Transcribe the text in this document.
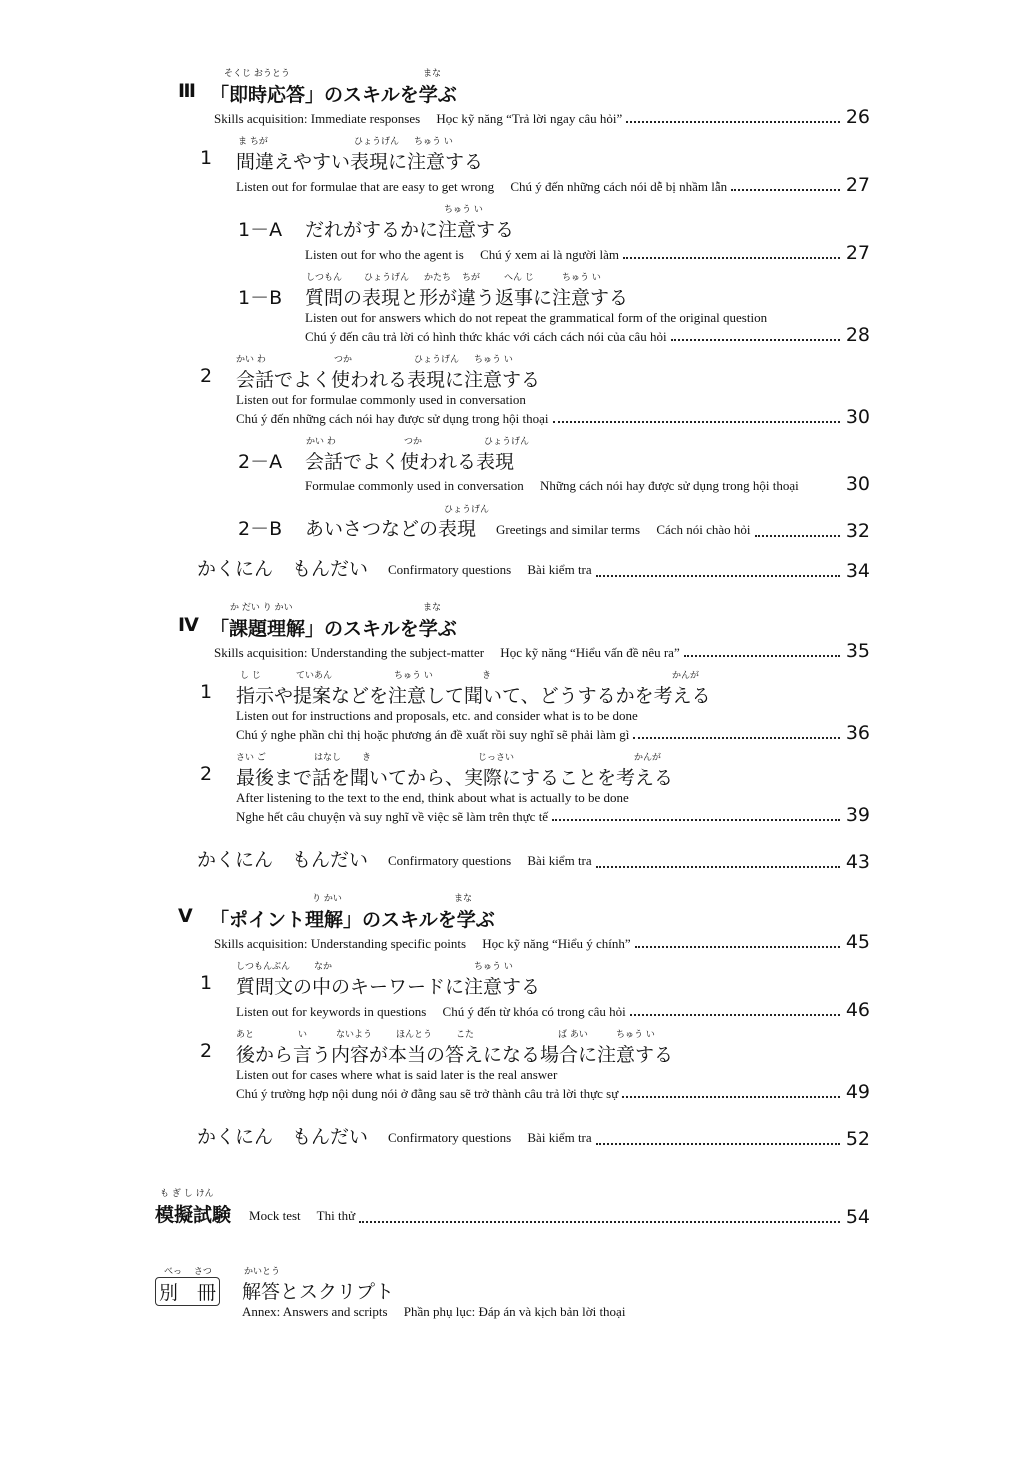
そくじ おうとう	まな
Ⅲ 「即時応答」のスキルを学ぶ
Skills acquisition: Immediate responses　 Học kỹ năng “Trả lời ngay câu hỏi”	26
ま ちが	ひょうげん ちゅう い
1 間違えやすい表現に注意する
Listen out for formulae that are easy to get wrong　 Chú ý đến những cách nói dễ bị nhầm lẫn	27
ちゅう い
1－A だれがするかに注意する
Listen out for who the agent is　 Chú ý xem ai là người làm	27
しつもん ひょうげん かたち ちが	へん じ	ちゅう い
1－B 質問の表現と形が違う返事に注意する
Listen out for answers which do not repeat the grammatical form of the original question
Chú ý đến câu trả lời có hình thức khác với cách cách nói của câu hỏi	28
かい わ	つか	ひょうげん ちゅう い
2 会話でよく使われる表現に注意する
Listen out for formulae commonly used in conversation
Chú ý đến những cách nói hay được sử dụng trong hội thoại	30
かい わ	つか	ひょうげん
2－A 会話でよく使われる表現
Formulae commonly used in conversation　 Những cách nói hay được sử dụng trong hội thoại 30
ひょうげん
2－B あいさつなどの表現 Greetings and similar terms　 Cách nói chào hỏi	32
かくにん　もんだい Confirmatory questions　 Bài kiểm tra	34
か だい り かい	まな
Ⅳ 「課題理解」のスキルを学ぶ
Skills acquisition: Understanding the subject-matter　 Học kỹ năng “Hiểu vấn đề nêu ra”	35
し じ	ていあん	ちゅう い	き	かんが
1 指示や提案などを注意して聞いて、どうするかを考える
Listen out for instructions and proposals, etc. and consider what is to be done
Chú ý nghe phần chỉ thị hoặc phương án đề xuất rồi suy nghĩ sẽ phải làm gì	36
さい ご	はなし き	じっさい	かんが
2 最後まで話を聞いてから、実際にすることを考える
After listening to the text to the end, think about what is actually to be done
Nghe hết câu chuyện và suy nghĩ về việc sẽ làm trên thực tế	39
かくにん　もんだい Confirmatory questions　 Bài kiểm tra	43
り かい	まな
Ⅴ 「ポイント理解」のスキルを学ぶ
Skills acquisition: Understanding specific points　 Học kỹ năng “Hiểu ý chính”	45
しつもんぶん	なか	ちゅう い
1 質問文の中のキーワードに注意する
Listen out for keywords in questions　 Chú ý đến từ khóa có trong câu hỏi	46
あと	い	ないよう	ほんとう	こた	ば あい	ちゅう い
2 後から言う内容が本当の答えになる場合に注意する
Listen out for cases where what is said later is the real answer
Chú ý trường hợp nội dung nói ở đằng sau sẽ trở thành câu trả lời thực sự	49
かくにん　もんだい Confirmatory questions　 Bài kiểm tra	52
も ぎ し けん
模擬試験 Mock test　 Thi thử	54
べっ　 さつ
別　冊
かいとう
解答とスクリプト
Annex: Answers and scripts　 Phần phụ lục: Đáp án và kịch bản lời thoại
